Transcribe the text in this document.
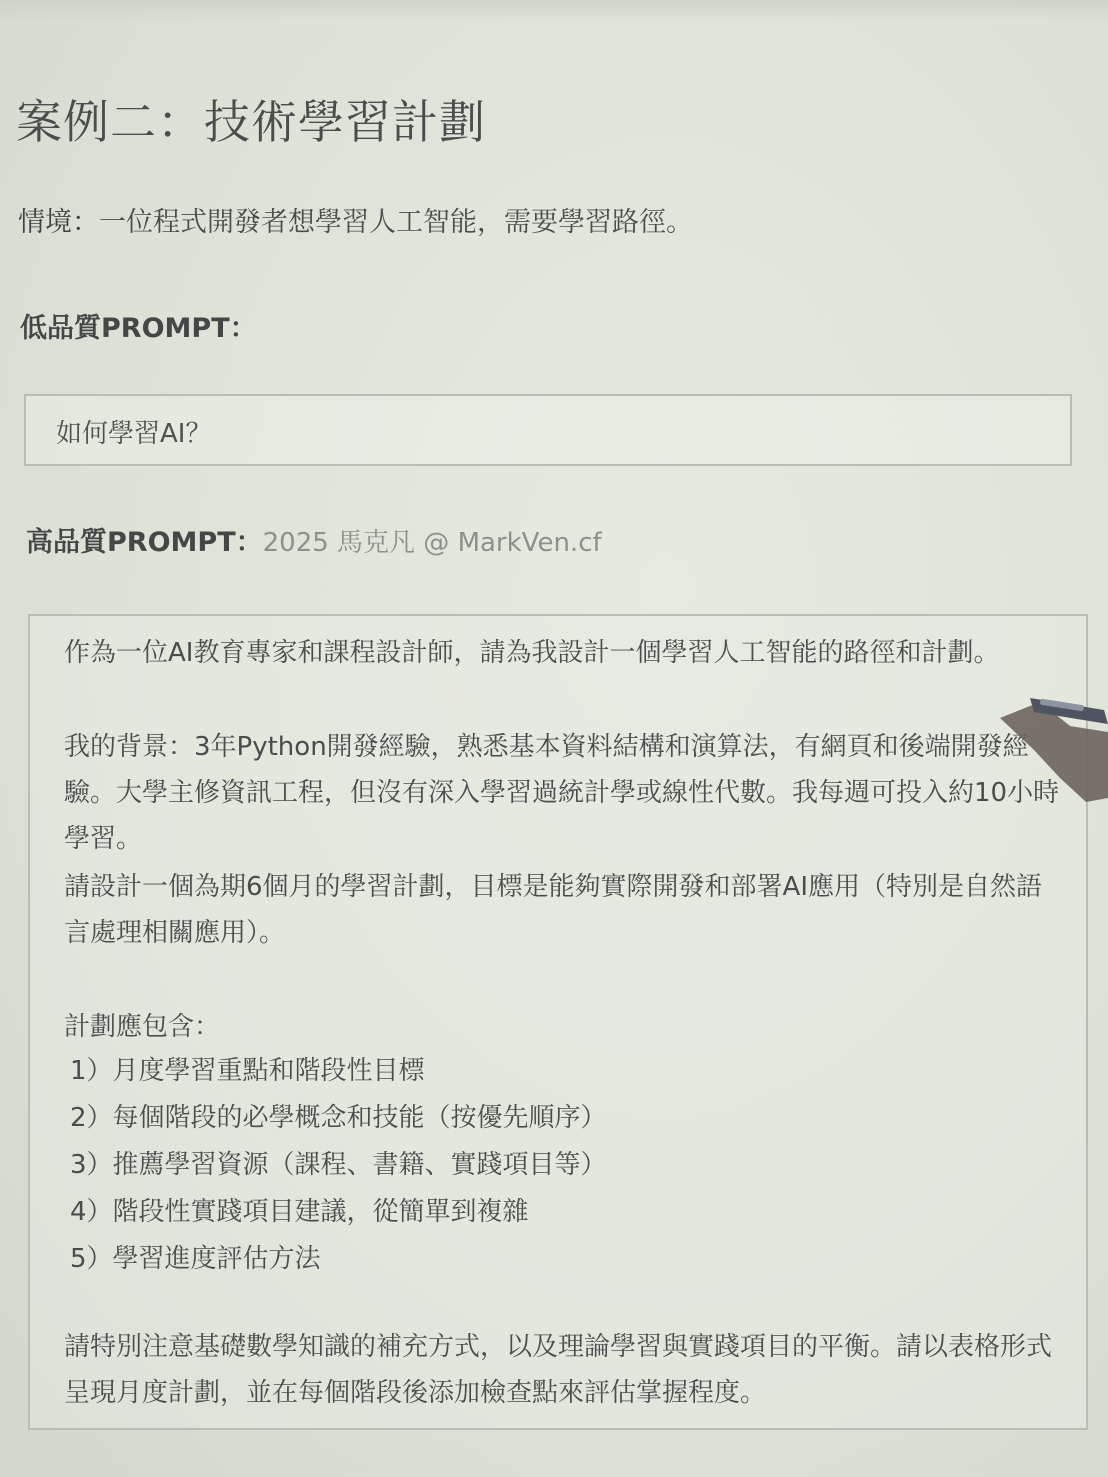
案例二：技術學習計劃
情境：一位程式開發者想學習人工智能，需要學習路徑。
低品質PROMPT：
如何學習AI？
高品質PROMPT：2025 馬克凡 @ MarkVen.cf
作為一位AI教育專家和課程設計師，請為我設計一個學習人工智能的路徑和計劃。
我的背景：3年Python開發經驗，熟悉基本資料結構和演算法，有網頁和後端開發經驗。大學主修資訊工程，但沒有深入學習過統計學或線性代數。我每週可投入約10小時學習。
請設計一個為期6個月的學習計劃，目標是能夠實際開發和部署AI應用（特別是自然語言處理相關應用）。
計劃應包含：
1）月度學習重點和階段性目標
2）每個階段的必學概念和技能（按優先順序）
3）推薦學習資源（課程、書籍、實踐項目等）
4）階段性實踐項目建議，從簡單到複雜
5）學習進度評估方法
請特別注意基礎數學知識的補充方式，以及理論學習與實踐項目的平衡。請以表格形式呈現月度計劃，並在每個階段後添加檢查點來評估掌握程度。
